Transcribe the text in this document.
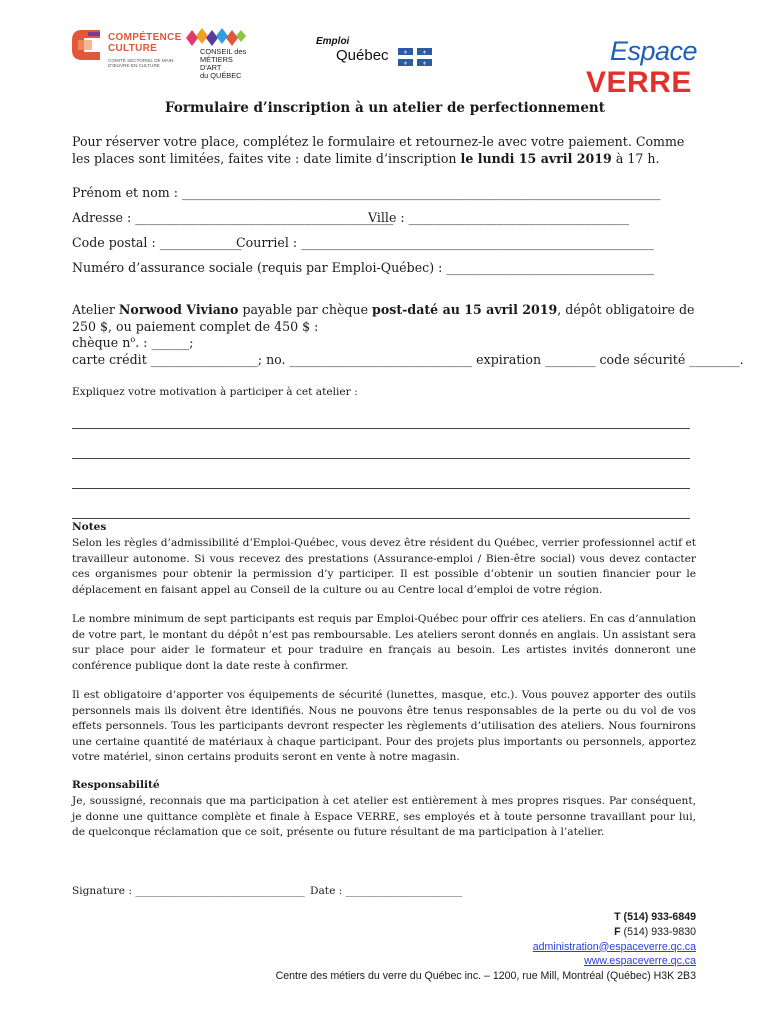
COMPÉTENCE
CULTURE
COMITÉ SECTORIEL DE MAIN-D'ŒUVRE EN CULTURE
CONSEIL des
MÉTIERS D'ART
du QUÉBEC
Emploi
Québec	⚜	⚜
⚜	⚜	Espace
VERRE
Formulaire d’inscription à un atelier de perfectionnement
Pour réserver votre place, complétez le formulaire et retournez-le avec votre paiement. Comme les places sont limitées, faites vite : date limite d’inscription le lundi 15 avril 2019 à 17 h.
Prénom et nom : ____________________________________________________________________________
Adresse : _________________________________________
Ville : ___________________________________
Code postal : _____________
Courriel : ________________________________________________________
Numéro d’assurance sociale (requis par Emploi-Québec) : _________________________________
Atelier Norwood Viviano payable par chèque post-daté au 15 avril 2019, dépôt obligatoire de 250 $, ou paiement complet de 450 $ :
chèque $n^o$. : ______;
carte crédit _________________; no. _____________________________ expiration ________ code sécurité ________.
Expliquez votre motivation à participer à cet atelier :
Notes
Selon les règles d’admissibilité d’Emploi-Québec, vous devez être résident du Québec, verrier professionnel actif et travailleur autonome. Si vous recevez des prestations (Assurance-emploi / Bien-être social) vous devez contacter ces organismes pour obtenir la permission d’y participer. Il est possible d’obtenir un soutien financier pour le déplacement en faisant appel au Conseil de la culture ou au Centre local d’emploi de votre région.
Le nombre minimum de sept participants est requis par Emploi-Québec pour offrir ces ateliers. En cas d’annulation de votre part, le montant du dépôt n’est pas remboursable. Les ateliers seront donnés en anglais. Un assistant sera sur place pour aider le formateur et pour traduire en français au besoin. Les artistes invités donneront une conférence publique dont la date reste à confirmer.
Il est obligatoire d’apporter vos équipements de sécurité (lunettes, masque, etc.). Vous pouvez apporter des outils personnels mais ils doivent être identifiés. Nous ne pouvons être tenus responsables de la perte ou du vol de vos effets personnels. Tous les participants devront respecter les règlements d’utilisation des ateliers. Nous fournirons une certaine quantité de matériaux à chaque participant. Pour des projets plus importants ou personnels, apportez votre matériel, sinon certains produits seront en vente à notre magasin.
Responsabilité
Je, soussigné, reconnais que ma participation à cet atelier est entièrement à mes propres risques. Par conséquent, je donne une quittance complète et finale à Espace VERRE, ses employés et à toute personne travaillant pour lui, de quelconque réclamation que ce soit, présente ou future résultant de ma participation à l’atelier.
Signature : ________________________________ Date : ______________________
T (514) 933-6849
F (514) 933-9830
administration@espaceverre.qc.ca
www.espaceverre.qc.ca
Centre des métiers du verre du Québec inc. – 1200, rue Mill, Montréal (Québec) H3K 2B3
